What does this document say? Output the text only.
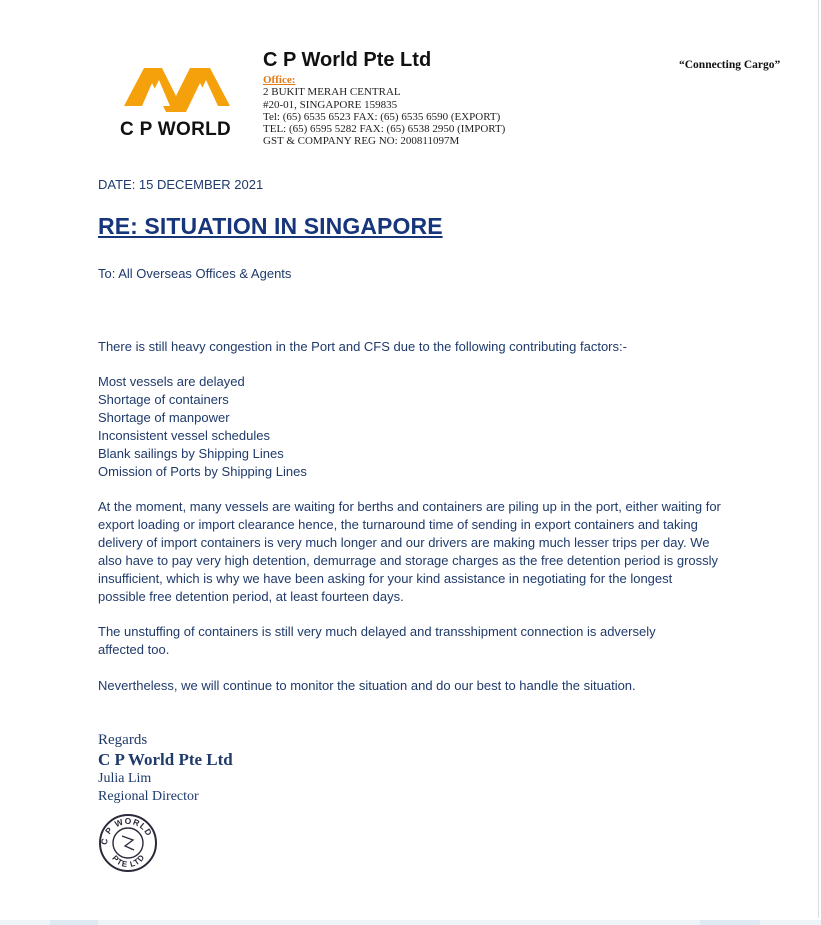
C P WORLD
C P World Pte Ltd
Office:
2 BUKIT MERAH CENTRAL
#20-01, SINGAPORE 159835
Tel: (65) 6535 6523 FAX: (65) 6535 6590 (EXPORT)
TEL: (65) 6595 5282 FAX: (65) 6538 2950 (IMPORT)
GST & COMPANY REG NO: 200811097M
“Connecting Cargo”
DATE: 15 DECEMBER 2021
RE: SITUATION IN SINGAPORE
To: All Overseas Offices & Agents
There is still heavy congestion in the Port and CFS due to the following contributing factors:-
Most vessels are delayed
Shortage of containers
Shortage of manpower
Inconsistent vessel schedules
Blank sailings by Shipping Lines
Omission of Ports by Shipping Lines
At the moment, many vessels are waiting for berths and containers are piling up in the port, either waiting for export loading or import clearance hence, the turnaround time of sending in export containers and taking delivery of import containers is very much longer and our drivers are making much lesser trips per day. We also have to pay very high detention, demurrage and storage charges as the free detention period is grossly insufficient, which is why we have been asking for your kind assistance in negotiating for the longest possible free detention period, at least fourteen days.
The unstuffing of containers is still very much delayed and transshipment connection is adversely affected too.
Nevertheless, we will continue to monitor the situation and do our best to handle the situation.
Regards
C P World Pte Ltd
Julia Lim
Regional Director
C P WORLD
PTE LTD
